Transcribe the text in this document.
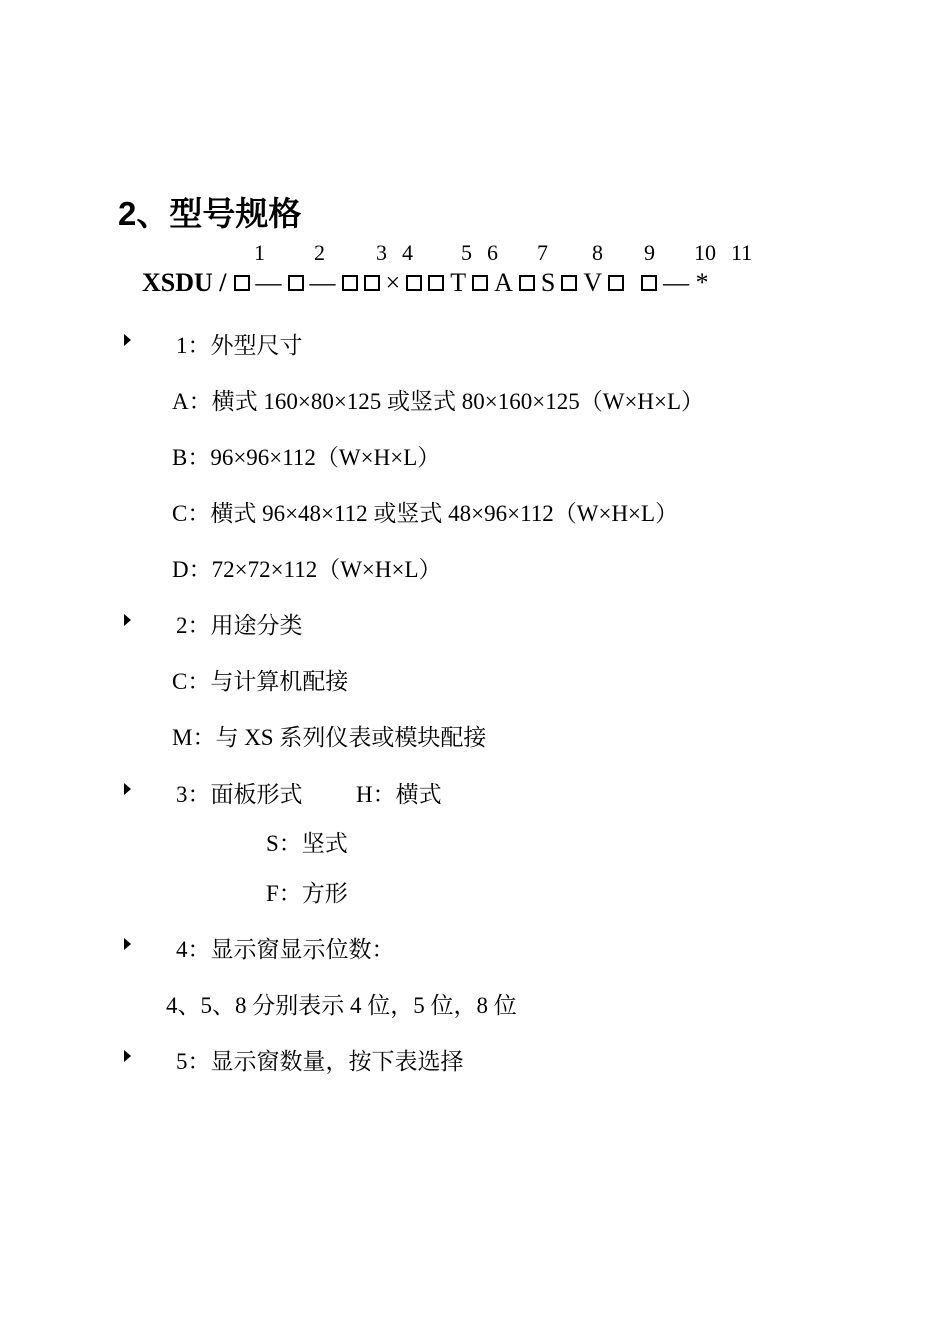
2、型号规格
1 2 3 4 5 6 7 8 9 10 11
XSDU / — — × T A S V — *
1：外型尺寸
A：横式 160×80×125 或竖式 80×160×125（W×H×L）
B：96×96×112（W×H×L）
C：横式 96×48×112 或竖式 48×96×112（W×H×L）
D：72×72×112（W×H×L）
2：用途分类
C：与计算机配接
M：与 XS 系列仪表或模块配接
3：面板形式 H：横式
S：坚式
F：方形
4：显示窗显示位数：
4、5、8 分别表示 4 位，5 位，8 位
5：显示窗数量，按下表选择
